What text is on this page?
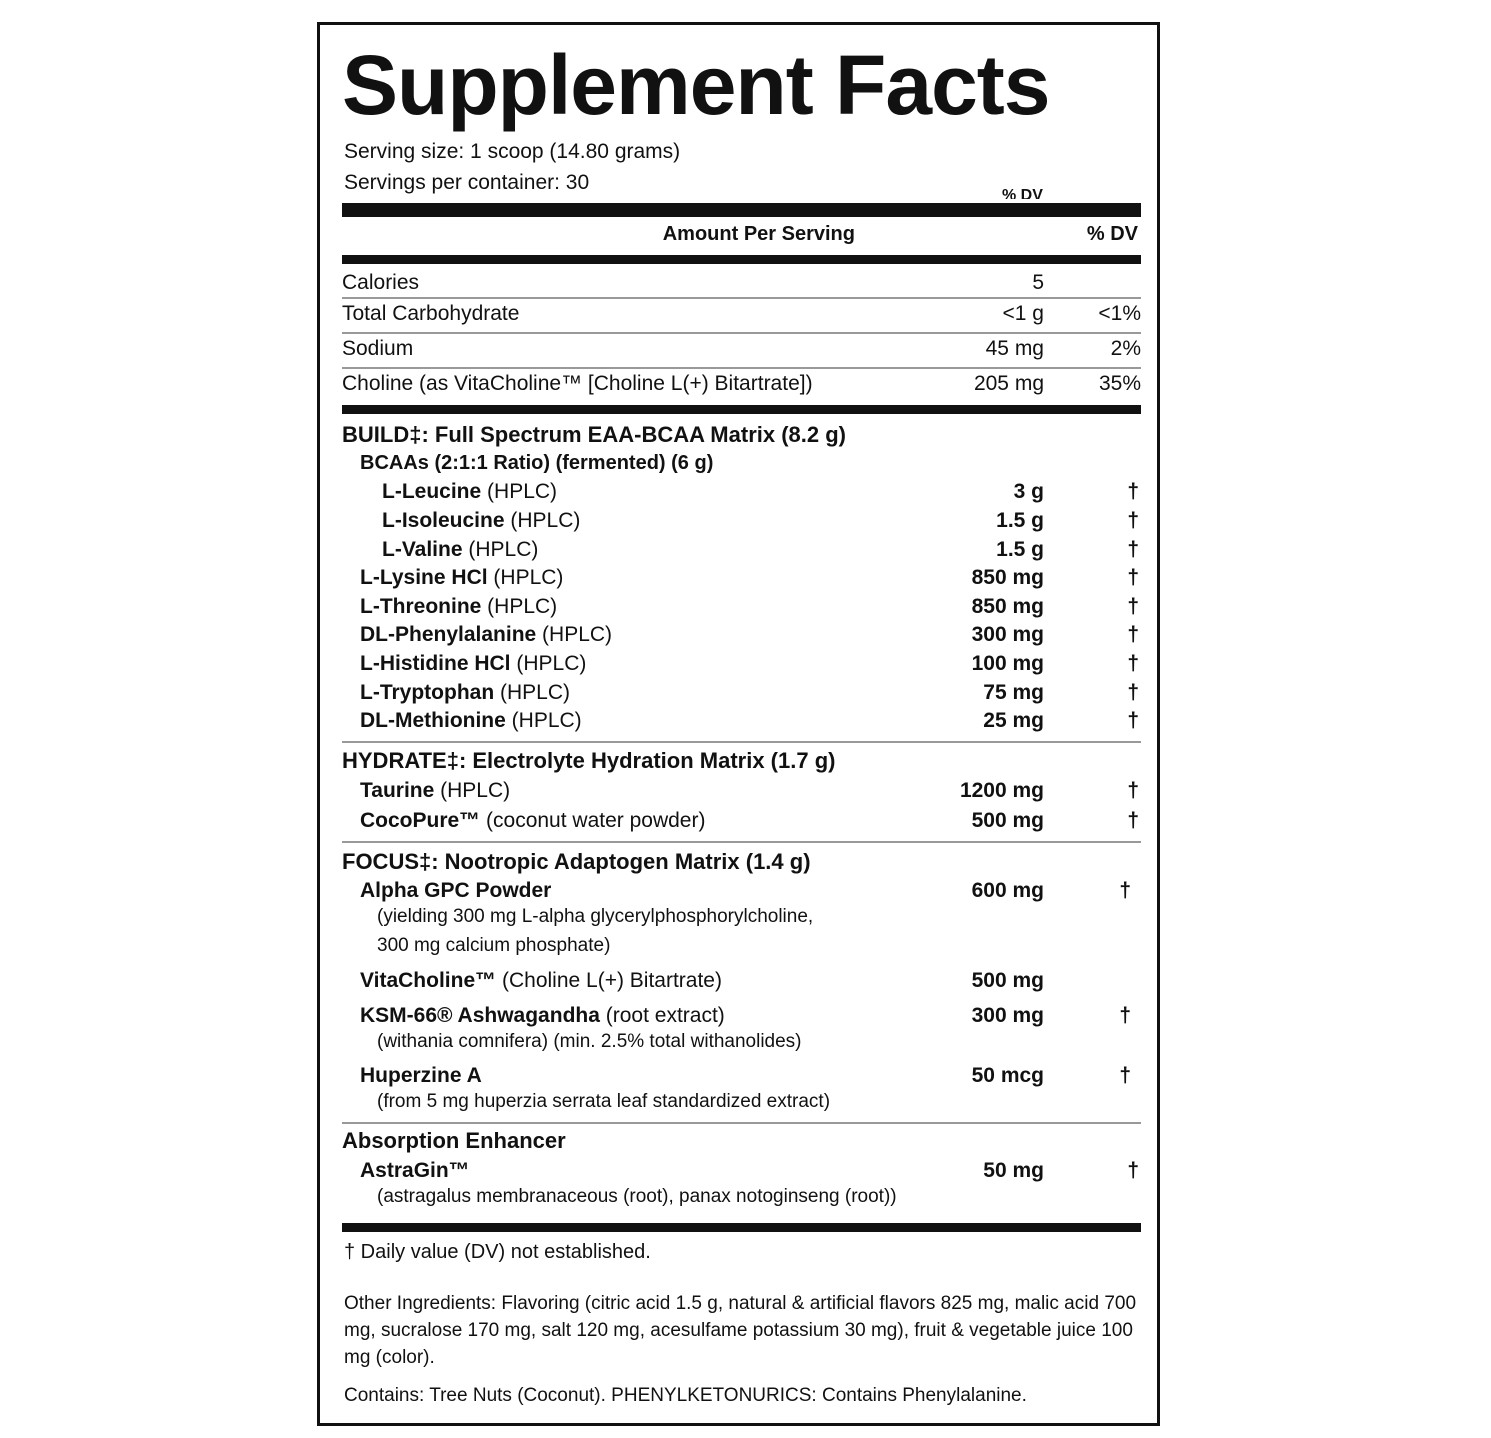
Supplement Facts
Serving size: 1 scoop (14.80 grams)
Servings per container: 30
% DV
Amount Per Serving	% DV
Calories	5
Total Carbohydrate	<1 g	<1%
Sodium	45 mg	2%
Choline (as VitaCholine™ [Choline L(+) Bitartrate])	205 mg	35%
BUILD‡: Full Spectrum EAA-BCAA Matrix (8.2 g)
BCAAs (2:1:1 Ratio) (fermented) (6 g)
L-Leucine (HPLC)	3 g	†
L-Isoleucine (HPLC)	1.5 g	†
L-Valine (HPLC)	1.5 g	†
L-Lysine HCl (HPLC)	850 mg	†
L-Threonine (HPLC)	850 mg	†
DL-Phenylalanine (HPLC)	300 mg	†
L-Histidine HCl (HPLC)	100 mg	†
L-Tryptophan (HPLC)	75 mg	†
DL-Methionine (HPLC)	25 mg	†
HYDRATE‡: Electrolyte Hydration Matrix (1.7 g)
Taurine (HPLC)	1200 mg	†
CocoPure™ (coconut water powder)	500 mg	†
FOCUS‡: Nootropic Adaptogen Matrix (1.4 g)
Alpha GPC Powder	600 mg	†
(yielding 300 mg L-alpha glycerylphosphorylcholine,
300 mg calcium phosphate)
VitaCholine™ (Choline L(+) Bitartrate)	500 mg
KSM-66® Ashwagandha (root extract)	300 mg	†
(withania comnifera) (min. 2.5% total withanolides)
Huperzine A	50 mcg	†
(from 5 mg huperzia serrata leaf standardized extract)
Absorption Enhancer
AstraGin™	50 mg	†
(astragalus membranaceous (root), panax notoginseng (root))
† Daily value (DV) not established.
Other Ingredients: Flavoring (citric acid 1.5 g, natural & artificial flavors 825 mg, malic acid 700 mg, sucralose 170 mg, salt 120 mg, acesulfame potassium 30 mg), fruit & vegetable juice 100 mg (color).
Contains: Tree Nuts (Coconut). PHENYLKETONURICS: Contains Phenylalanine.
